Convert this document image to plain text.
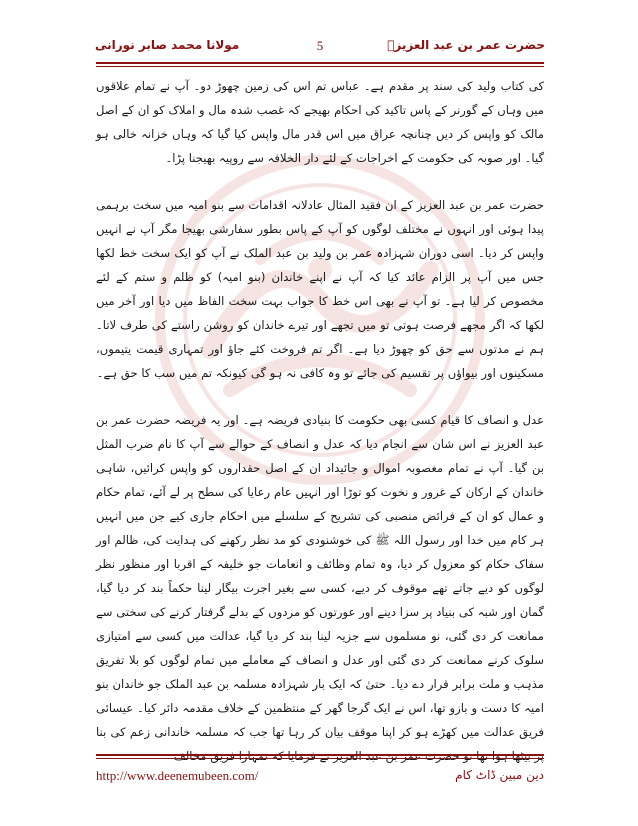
مولانا محمد صابر نورانی	5	حضرت عمر بن عبد العزیزؒ

کی کتاب ولید کی سند پر مقدم ہے۔ عباس تم اس کی زمین چھوڑ دو۔ آپ نے تمام علاقوں میں وہاں کے گورنر کے پاس تاکید کی احکام بھیجے کہ غصب شدہ مال و املاک کو ان کے اصل مالک کو واپس کر دیں چنانچہ عراق میں اس قدر مال واپس کیا گیا کہ وہاں خزانہ خالی ہو گیا۔ اور صوبہ کی حکومت کے اخراجات کے لئے دار الخلافہ سے روپیہ بھیجنا پڑا۔

حضرت عمر بن عبد العزیز کے ان فقید المثال عادلانہ اقدامات سے بنو امیہ میں سخت برہمی پیدا ہوئی اور انہوں نے مختلف لوگوں کو آپ کے پاس بطور سفارشی بھیجا مگر آپ نے انہیں واپس کر دیا۔ اسی دوران شہزادہ عمر بن ولید بن عبد الملک نے آپ کو ایک سخت خط لکھا جس میں آپ پر الزام عائد کیا کہ آپ نے اپنے خاندان (بنو امیہ) کو ظلم و ستم کے لئے مخصوص کر لیا ہے۔ تو آپ نے بھی اس خط کا جواب بہت سخت الفاظ میں دیا اور آخر میں لکھا کہ اگر مجھے فرصت ہوتی تو میں تجھے اور تیرے خاندان کو روشن راستے کی طرف لاتا۔ ہم نے مدتوں سے حق کو چھوڑ دیا ہے۔ اگر تم فروخت کئے جاؤ اور تمہاری قیمت یتیموں، مسکینوں اور بیواؤں پر تقسیم کی جائے تو وہ کافی نہ ہو گی کیونکہ تم میں سب کا حق ہے۔

عدل و انصاف کا قیام کسی بھی حکومت کا بنیادی فریضہ ہے۔ اور یہ فریضہ حضرت عمر بن عبد العزیز نے اس شان سے انجام دیا کہ عدل و انصاف کے حوالے سے آپ کا نام ضرب المثل بن گیا۔ آپ نے تمام مغصوبہ اموال و جائیداد ان کے اصل حقداروں کو واپس کرائیں، شاہی خاندان کے ارکان کے غرور و نخوت کو توڑا اور انہیں عام رعایا کی سطح پر لے آئے، تمام حکام و عمال کو ان کے فرائض منصبی کی تشریح کے سلسلے میں احکام جاری کیے جن میں انہیں ہر کام میں خدا اور رسول اللہ ﷺ کی خوشنودی کو مد نظر رکھنے کی ہدایت کی، ظالم اور سفاک حکام کو معزول کر دیا، وہ تمام وظائف و انعامات جو خلیفہ کے اقربا اور منظور نظر لوگوں کو دیے جاتے تھے موقوف کر دیے، کسی سے بغیر اجرت بیگار لینا حکماً بند کر دیا گیا، گمان اور شبہ کی بنیاد پر سزا دینے اور عورتوں کو مردوں کے بدلے گرفتار کرنے کی سختی سے ممانعت کر دی گئی، نو مسلموں سے جزیہ لینا بند کر دیا گیا، عدالت میں کسی سے امتیازی سلوک کرنے ممانعت کر دی گئی اور عدل و انصاف کے معاملے میں تمام لوگوں کو بلا تفریق مذہب و ملت برابر قرار دے دیا۔ حتیٰ کہ ایک بار شہزادہ مسلمہ بن عبد الملک جو خاندان بنو امیہ کا دست و بازو تھا، اس نے ایک گرجا گھر کے منتظمین کے خلاف مقدمہ دائر کیا۔ عیسائی فریق عدالت میں کھڑے ہو کر اپنا موقف بیان کر رہا تھا جب کہ مسلمہ خاندانی زعم کی بنا پر بیٹھا ہوا تھا تو حضرت عمر بن عبد العزیز نے فرمایا کہ تمہارا فریق مخالف

http://www.deenemubeen.com/	دین مبین ڈاٹ کام
